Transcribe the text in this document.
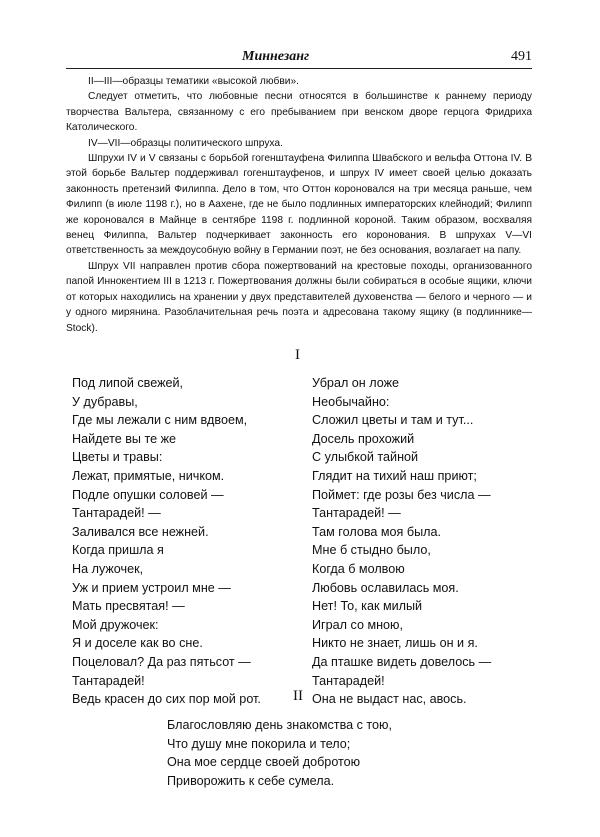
Миннезанг	491

II—III—образцы тематики «высокой любви».

Следует отметить, что любовные песни относятся в большинстве к раннему периоду творчества Вальтера, связанному с его пребыванием при венском дворе герцога Фридриха Католического.

IV—VII—образцы политического шпруха.

Шпрухи IV и V связаны с борьбой гогенштауфена Филиппа Швабского и вельфа Оттона IV. В этой борьбе Вальтер поддерживал гогенштауфенов, и шпрух IV имеет своей целью доказать законность претензий Филиппа. Дело в том, что Оттон короновался на три месяца раньше, чем Филипп (в июле 1198 г.), но в Аахене, где не было подлинных императорских клейнодий; Филипп же короновался в Майнце в сентябре 1198 г. подлинной короной. Таким образом, восхваляя венец Филиппа, Вальтер подчеркивает законность его коронования. В шпрухах V—VI ответственность за междоусобную войну в Германии поэт, не без основания, возлагает на папу.

Шпрух VII направлен против сбора пожертвований на крестовые походы, организованного папой Иннокентием III в 1213 г. Пожертвования должны были собираться в особые ящики, ключи от которых находились на хранении у двух представителей духовенства — белого и черного — и у одного мирянина. Разоблачительная речь поэта и адресована такому ящику (в подлиннике—Stock).

I
Под липой свежей,
У дубравы,
Где мы лежали с ним вдвоем,
Найдете вы те же
Цветы и травы:
Лежат, примятые, ничком.
Подле опушки соловей —
Тантарадей! —
Заливался все нежней.
Когда пришла я
На лужочек,
Уж и прием устроил мне —
Мать пресвятая! —
Мой дружочек:
Я и доселе как во сне.
Поцеловал? Да раз пятьсот —
Тантарадей!
Ведь красен до сих пор мой рот.
Убрал он ложе
Необычайно:
Сложил цветы и там и тут...
Досель прохожий
С улыбкой тайной
Глядит на тихий наш приют;
Поймет: где розы без числа —
Тантарадей! —
Там голова моя была.
Мне б стыдно было,
Когда б молвою
Любовь ославилась моя.
Нет! То, как милый
Играл со мною,
Никто не знает, лишь он и я.
Да пташке видеть довелось —
Тантарадей!
Она не выдаст нас, авось.
II
Благословляю день знакомства с тою,
Что душу мне покорила и тело;
Она мое сердце своей добротою
Приворожить к себе сумела.
